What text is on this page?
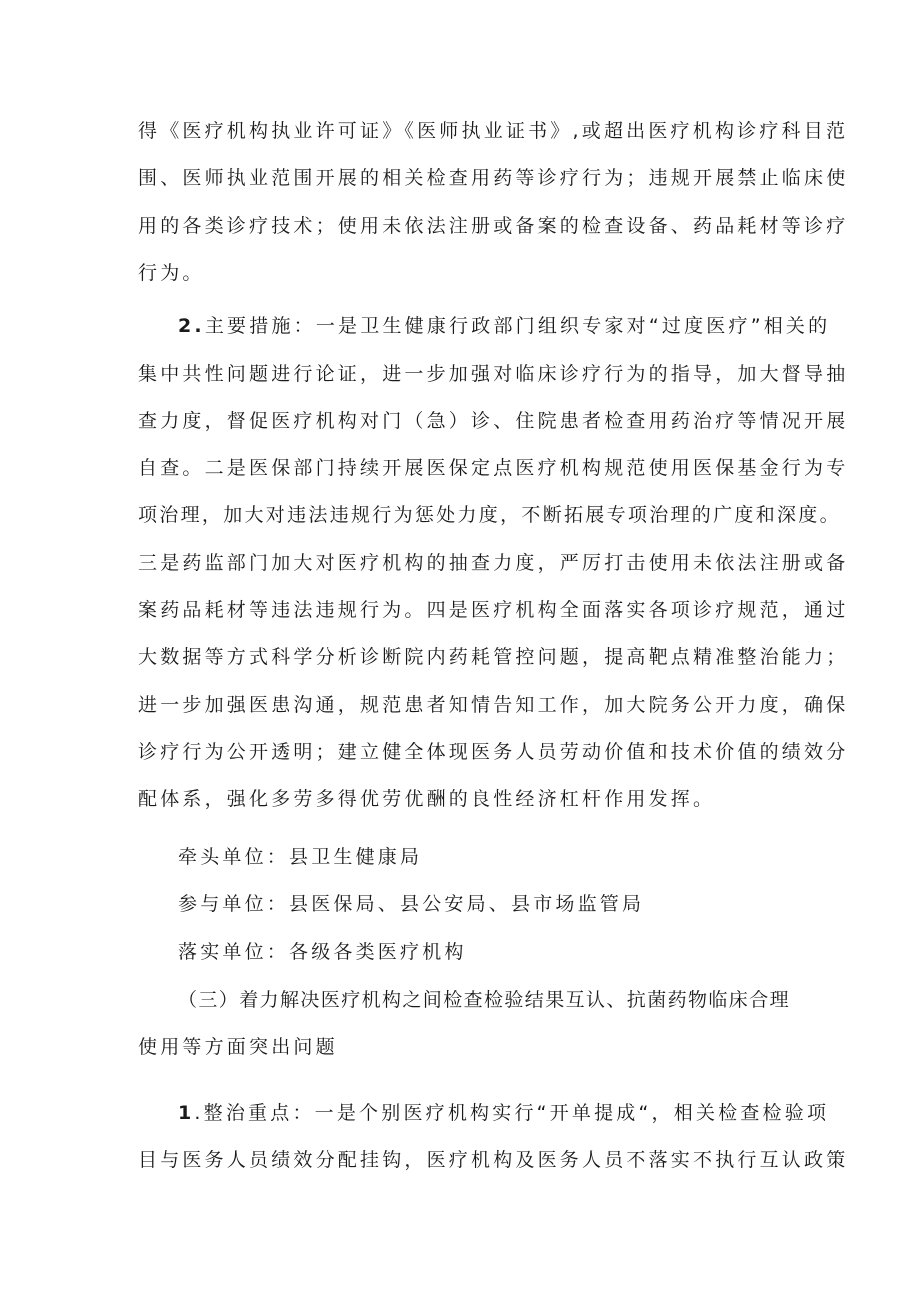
得《医疗机构执业许可证》《医师执业证书》,或超出医疗机构诊疗科目范
围、医师执业范围开展的相关检查用药等诊疗行为；违规开展禁止临床使
用的各类诊疗技术；使用未依法注册或备案的检查设备、药品耗材等诊疗
行为。
2.主要措施：一是卫生健康行政部门组织专家对“过度医疗”相关的
集中共性问题进行论证，进一步加强对临床诊疗行为的指导，加大督导抽
查力度，督促医疗机构对门（急）诊、住院患者检查用药治疗等情况开展
自查。二是医保部门持续开展医保定点医疗机构规范使用医保基金行为专
项治理，加大对违法违规行为惩处力度，不断拓展专项治理的广度和深度。
三是药监部门加大对医疗机构的抽查力度，严厉打击使用未依法注册或备
案药品耗材等违法违规行为。四是医疗机构全面落实各项诊疗规范，通过
大数据等方式科学分析诊断院内药耗管控问题，提高靶点精准整治能力；
进一步加强医患沟通，规范患者知情告知工作，加大院务公开力度，确保
诊疗行为公开透明；建立健全体现医务人员劳动价值和技术价值的绩效分
配体系，强化多劳多得优劳优酬的良性经济杠杆作用发挥。
牵头单位：县卫生健康局
参与单位：县医保局、县公安局、县市场监管局
落实单位：各级各类医疗机构
（三）着力解决医疗机构之间检查检验结果互认、抗菌药物临床合理
使用等方面突出问题
1.整治重点：一是个别医疗机构实行“开单提成“，相关检查检验项
目与医务人员绩效分配挂钩，医疗机构及医务人员不落实不执行互认政策
